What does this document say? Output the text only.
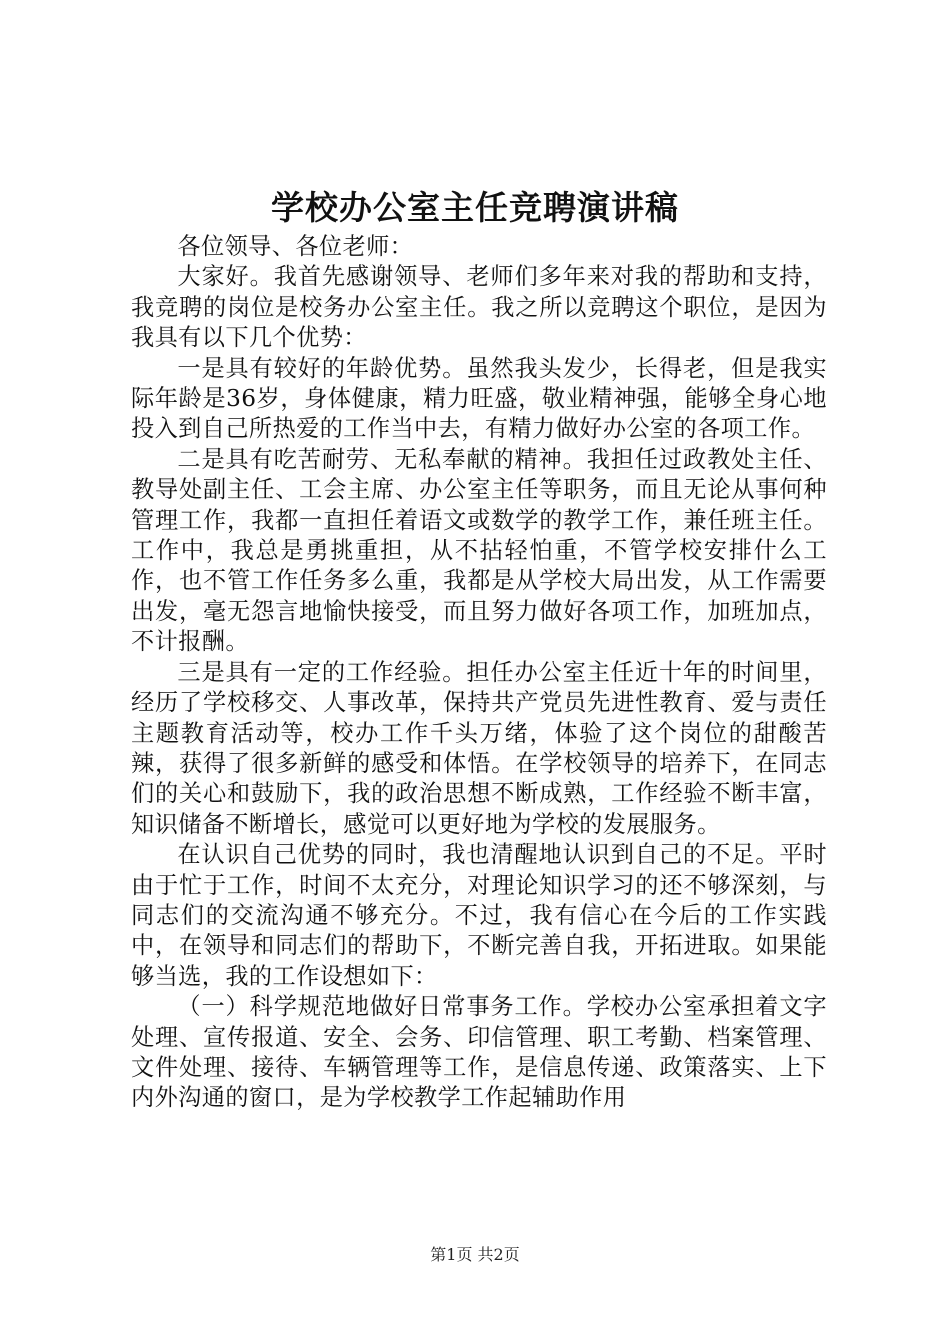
学校办公室主任竞聘演讲稿

各位领导、各位老师：

大家好。我首先感谢领导、老师们多年来对我的帮助和支持，我竞聘的岗位是校务办公室主任。我之所以竞聘这个职位，是因为我具有以下几个优势：

一是具有较好的年龄优势。虽然我头发少，长得老，但是我实际年龄是36岁，身体健康，精力旺盛，敬业精神强，能够全身心地投入到自己所热爱的工作当中去，有精力做好办公室的各项工作。

二是具有吃苦耐劳、无私奉献的精神。我担任过政教处主任、教导处副主任、工会主席、办公室主任等职务，而且无论从事何种管理工作，我都一直担任着语文或数学的教学工作，兼任班主任。工作中，我总是勇挑重担，从不拈轻怕重，不管学校安排什么工作，也不管工作任务多么重，我都是从学校大局出发，从工作需要出发，毫无怨言地愉快接受，而且努力做好各项工作，加班加点，不计报酬。

三是具有一定的工作经验。担任办公室主任近十年的时间里，经历了学校移交、人事改革，保持共产党员先进性教育、爱与责任主题教育活动等，校办工作千头万绪，体验了这个岗位的甜酸苦辣，获得了很多新鲜的感受和体悟。在学校领导的培养下，在同志们的关心和鼓励下，我的政治思想不断成熟，工作经验不断丰富，知识储备不断增长，感觉可以更好地为学校的发展服务。

在认识自己优势的同时，我也清醒地认识到自己的不足。平时由于忙于工作，时间不太充分，对理论知识学习的还不够深刻，与同志们的交流沟通不够充分。不过，我有信心在今后的工作实践中，在领导和同志们的帮助下，不断完善自我，开拓进取。如果能够当选，我的工作设想如下：

（一）科学规范地做好日常事务工作。学校办公室承担着文字处理、宣传报道、安全、会务、印信管理、职工考勤、档案管理、文件处理、接待、车辆管理等工作，是信息传递、政策落实、上下内外沟通的窗口，是为学校教学工作起辅助作用

第1页 共2页
